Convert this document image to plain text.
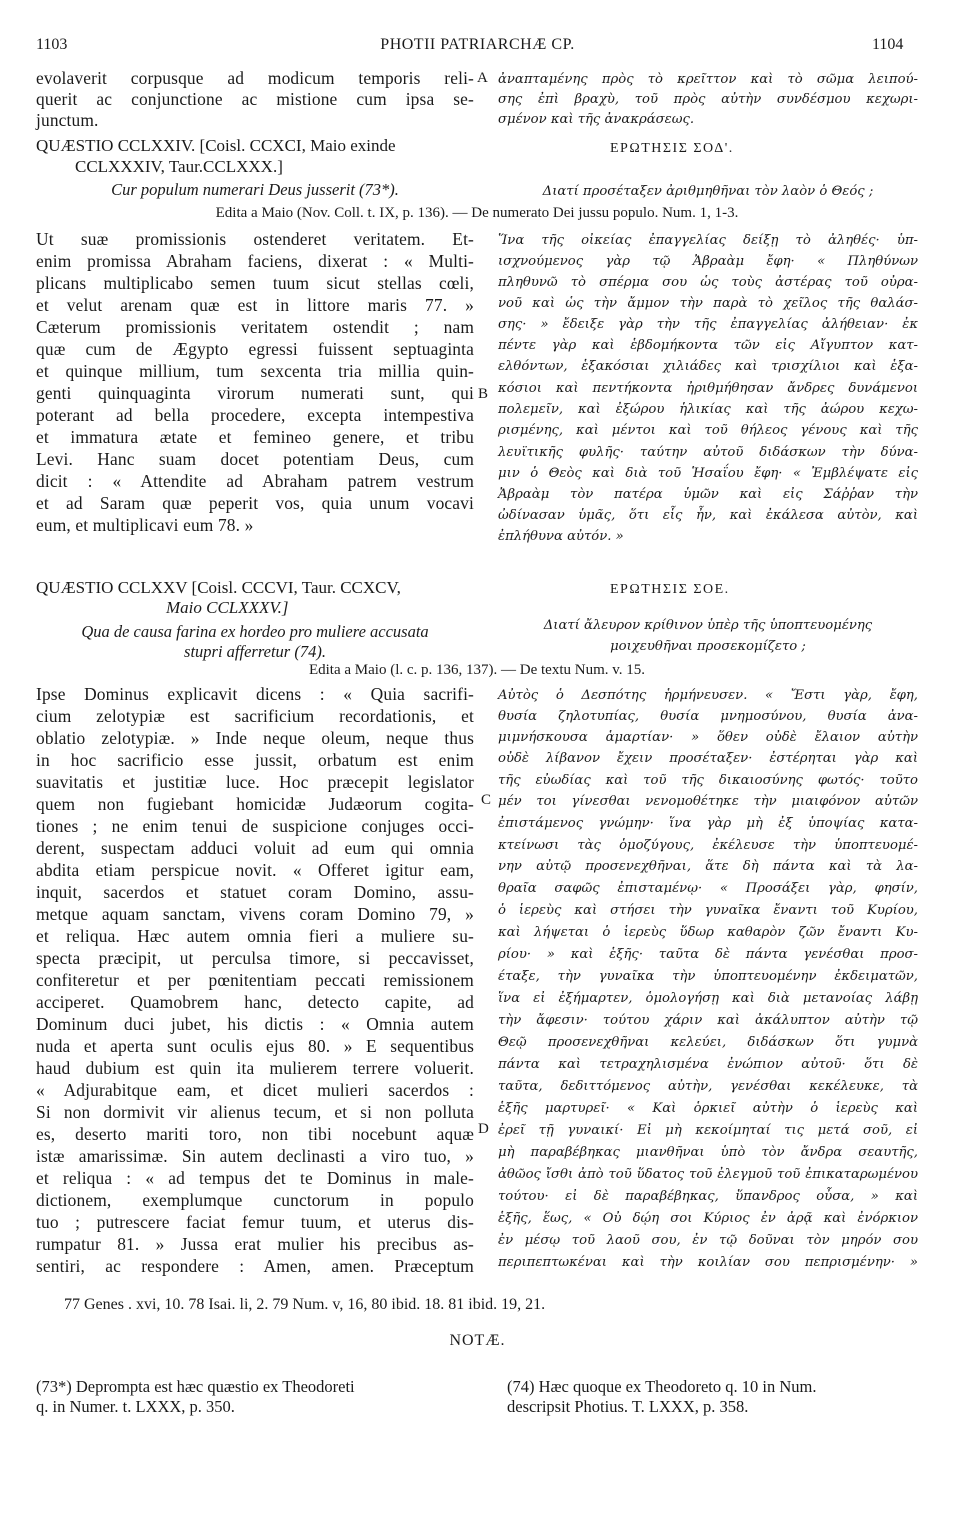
1103	PHOTII PATRIARCHÆ CP.	1104
evolaverit corpusque ad modicum temporis reli-
querit ac conjunctione ac mistione cum ipsa se-
junctum.
A ἀναπταμένης πρὸς τὸ κρεῖττον καὶ τὸ σῶμα λειπού-
σης ἐπὶ βραχὺ, τοῦ πρὸς αὐτὴν συνδέσμου κεχωρι-
σμένον καὶ τῆς ἀνακράσεως.
QUÆSTIO CCLXXIV. [Coisl. CCXCI, Maio exinde
CCLXXXIV, Taur.CCLXXX.]
ΕΡΩΤΗΣΙΣ ΣΟΔ'.
Cur populum numerari Deus jusserit (73*).	Διατί προσέταξεν ἀριθμηθῆναι τὸν λαὸν ὁ Θεός ;
Edita a Maio (Nov. Coll. t. IX, p. 136). — De numerato Dei jussu populo. Num. 1, 1-3.
Ut suæ promissionis ostenderet veritatem. Et-
enim promissa Abraham faciens, dixerat : « Multi-
plicans multiplicabo semen tuum sicut stellas cœli,
et velut arenam quæ est in littore maris 77. »
Cæterum promissionis veritatem ostendit ; nam
quæ cum de Ægypto egressi fuissent septuaginta
et quinque millium, tum sexcenta tria millia quin-
genti quinquaginta virorum numerati sunt, qui
poterant ad bella procedere, excepta intempestiva
et immatura ætate et femineo genere, et tribu
Levi. Hanc suam docet potentiam Deus, cum
dicit : « Attendite ad Abraham patrem vestrum
et ad Saram quæ peperit vos, quia unum vocavi
eum, et multiplicavi eum 78. »
B
Ἵνα τῆς οἰκείας ἐπαγγελίας δείξῃ τὸ ἀληθές· ὑπ-
ισχνούμενος γὰρ τῷ Ἀβραὰμ ἔφη· « Πληθύνων
πληθυνῶ τὸ σπέρμα σου ὡς τοὺς ἀστέρας τοῦ οὐρα-
νοῦ καὶ ὡς τὴν ἄμμον τὴν παρὰ τὸ χεῖλος τῆς θαλάσ-
σης· » ἔδειξε γὰρ τὴν τῆς ἐπαγγελίας ἀλήθειαν· ἐκ
πέντε γὰρ καὶ ἑβδομήκοντα τῶν εἰς Αἴγυπτον κατ-
ελθόντων, ἑξακόσιαι χιλιάδες καὶ τρισχίλιοι καὶ ἑξα-
κόσιοι καὶ πεντήκοντα ἠριθμήθησαν ἄνδρες δυνάμενοι
πολεμεῖν, καὶ ἐξώρου ἡλικίας καὶ τῆς ἀώρου κεχω-
ρισμένης, καὶ μέντοι καὶ τοῦ θήλεος γένους καὶ τῆς
λευϊτικῆς φυλῆς· ταύτην αὐτοῦ διδάσκων τὴν δύνα-
μιν ὁ Θεὸς καὶ διὰ τοῦ Ἡσαΐου ἔφη· « Ἐμβλέψατε εἰς
Ἀβραὰμ τὸν πατέρα ὑμῶν καὶ εἰς Σάῤῥαν τὴν
ὠδίνασαν ὑμᾶς, ὅτι εἷς ἦν, καὶ ἐκάλεσα αὐτὸν, καὶ
ἐπλήθυνα αὐτόν. »
QUÆSTIO CCLXXV [Coisl. CCCVI, Taur. CCXCV,
Maio CCLXXXV.]
ΕΡΩΤΗΣΙΣ ΣΟΕ.
Qua de causa farina ex hordeo pro muliere accusata
stupri afferretur (74).
Διατί ἄλευρον κρίθινον ὑπὲρ τῆς ὑποπτευομένης
μοιχευθῆναι προσεκομίζετο ;
Edita a Maio (l. c. p. 136, 137). — De textu Num. v. 15.
Ipse Dominus explicavit dicens : « Quia sacrifi-
cium zelotypiæ est sacrificium recordationis, et
oblatio zelotypiæ. » Inde neque oleum, neque thus
in hoc sacrificio esse jussit, orbatum est enim
suavitatis et justitiæ luce. Hoc præcepit legislator
quem non fugiebant homicidæ Judæorum cogita-
tiones ; ne enim tenui de suspicione conjuges occi-
derent, suspectam adduci voluit ad eum qui omnia
abdita etiam perspicue novit. « Offeret igitur eam,
inquit, sacerdos et statuet coram Domino, assu-
metque aquam sanctam, vivens coram Domino 79, »
et reliqua. Hæc autem omnia fieri a muliere su-
specta præcipit, ut perculsa timore, si peccavisset,
confiteretur et per pœnitentiam peccati remissionem
acciperet. Quamobrem hanc, detecto capite, ad
Dominum duci jubet, his dictis : « Omnia autem
nuda et aperta sunt oculis ejus 80. » E sequentibus
haud dubium est quin ita mulierem terrere voluerit.
« Adjurabitque eam, et dicet mulieri sacerdos :
Si non dormivit vir alienus tecum, et si non polluta
es, deserto mariti toro, non tibi nocebunt aquæ
istæ amarissimæ. Sin autem declinasti a viro tuo, »
et reliqua : « ad tempus det te Dominus in male-
dictionem, exemplumque cunctorum in populo
tuo ; putrescere faciat femur tuum, et uterus dis-
rumpatur 81. » Jussa erat mulier his precibus as-
sentiri, ac respondere : Amen, amen. Præceptum
C
D
Αὐτὸς ὁ Δεσπότης ἡρμήνευσεν. « Ἔστι γὰρ, ἔφη,
θυσία ζηλοτυπίας, θυσία μνημοσύνου, θυσία ἀνα-
μιμνήσκουσα ἁμαρτίαν· » ὅθεν οὐδὲ ἔλαιον αὐτὴν
οὐδὲ λίβανον ἔχειν προσέταξεν· ἐστέρηται γὰρ καὶ
τῆς εὐωδίας καὶ τοῦ τῆς δικαιοσύνης φωτός· τοῦτο
μέν τοι γίνεσθαι νενομοθέτηκε τὴν μιαιφόνον αὐτῶν
ἐπιστάμενος γνώμην· ἵνα γὰρ μὴ ἐξ ὑποψίας κατα-
κτείνωσι τὰς ὁμοζύγους, ἐκέλευσε τὴν ὑποπτευομέ-
νην αὐτῷ προσενεχθῆναι, ἅτε δὴ πάντα καὶ τὰ λα-
θραῖα σαφῶς ἐπισταμένῳ· « Προσάξει γὰρ, φησίν,
ὁ ἱερεὺς καὶ στήσει τὴν γυναῖκα ἔναντι τοῦ Κυρίου,
καὶ λήψεται ὁ ἱερεὺς ὕδωρ καθαρὸν ζῶν ἔναντι Κυ-
ρίου· » καὶ ἑξῆς· ταῦτα δὲ πάντα γενέσθαι προσ-
έταξε, τὴν γυναῖκα τὴν ὑποπτευομένην ἐκδειματῶν,
ἵνα εἰ ἐξήμαρτεν, ὁμολογήσῃ καὶ διὰ μετανοίας λάβῃ
τὴν ἄφεσιν· τούτου χάριν καὶ ἀκάλυπτον αὐτὴν τῷ
Θεῷ προσενεχθῆναι κελεύει, διδάσκων ὅτι γυμνὰ
πάντα καὶ τετραχηλισμένα ἐνώπιον αὐτοῦ· ὅτι δὲ
ταῦτα, δεδιττόμενος αὐτὴν, γενέσθαι κεκέλευκε, τὰ
ἑξῆς μαρτυρεῖ· « Καὶ ὁρκιεῖ αὐτὴν ὁ ἱερεὺς καὶ
ἐρεῖ τῇ γυναικί· Εἰ μὴ κεκοίμηταί τις μετά σοῦ, εἰ
μὴ παραβέβηκας μιανθῆναι ὑπὸ τὸν ἄνδρα σεαυτῆς,
ἀθῶος ἴσθι ἀπὸ τοῦ ὕδατος τοῦ ἐλεγμοῦ τοῦ ἐπικαταρωμένου
τούτου· εἰ δὲ παραβέβηκας, ὕπανδρος οὖσα, » καὶ
ἑξῆς, ἕως, « Οὐ δῴη σοι Κύριος ἐν ἀρᾷ καὶ ἐνόρκιον
ἐν μέσῳ τοῦ λαοῦ σου, ἐν τῷ δοῦναι τὸν μηρόν σου
περιπεπτωκέναι καὶ τὴν κοιλίαν σου πεπρισμένην· »
77 Genes . xvi, 10. 78 Isai. li, 2. 79 Num. v, 16, 80 ibid. 18. 81 ibid. 19, 21.
NOTÆ.
(73*) Deprompta est hæc quæstio ex Theodoreti
q. in Numer. t. LXXX, p. 350.
(74) Hæc quoque ex Theodoreto q. 10 in Num.
descripsit Photius. T. LXXX, p. 358.
